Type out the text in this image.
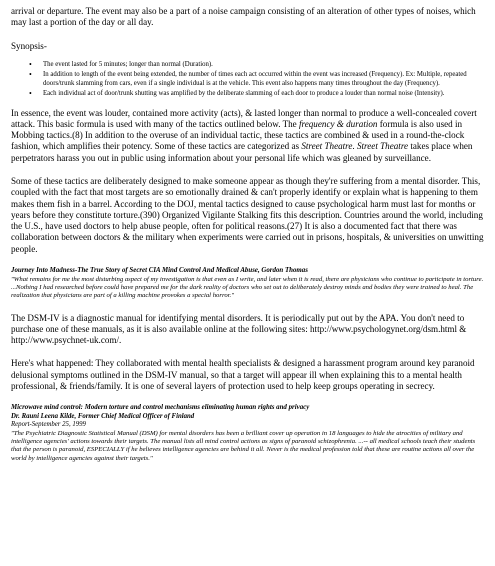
arrival or departure. The event may also be a part of a noise campaign consisting of an alteration of other types of noises, which may last a portion of the day or all day.

Synopsis-

• The event lasted for 5 minutes; longer than normal (Duration).
• In addition to length of the event being extended, the number of times each act occurred within the event was increased (Frequency). Ex: Multiple, repeated doors/trunk slamming from cars, even if a single individual is at the vehicle. This event also happens many times throughout the day (Frequency).
• Each individual act of door/trunk shutting was amplified by the deliberate slamming of each door to produce a louder than normal noise (Intensity).

In essence, the event was louder, contained more activity (acts), & lasted longer than normal to produce a well-concealed covert attack. This basic formula is used with many of the tactics outlined below. The frequency & duration formula is also used in Mobbing tactics.(8) In addition to the overuse of an individual tactic, these tactics are combined & used in a round-the-clock fashion, which amplifies their potency. Some of these tactics are categorized as Street Theatre. Street Theatre takes place when perpetrators harass you out in public using information about your personal life which was gleaned by surveillance.

Some of these tactics are deliberately designed to make someone appear as though they're suffering from a mental disorder. This, coupled with the fact that most targets are so emotionally drained & can't properly identify or explain what is happening to them makes them fish in a barrel. According to the DOJ, mental tactics designed to cause psychological harm must last for months or years before they constitute torture.(390) Organized Vigilante Stalking fits this description. Countries around the world, including the U.S., have used doctors to help abuse people, often for political reasons.(27) It is also a documented fact that there was collaboration between doctors & the military when experiments were carried out in prisons, hospitals, & universities on unwitting people.

Journey Into Madness-The True Story of Secret CIA Mind Control And Medical Abuse, Gordon Thomas

"What remains for me the most disturbing aspect of my investigation is that even as I write, and later when it is read, there are physicians who continue to participate in torture. ...Nothing I had researched before could have prepared me for the dark reality of doctors who set out to deliberately destroy minds and bodies they were trained to heal. The realization that physicians are part of a killing machine provokes a special horror."

The DSM-IV is a diagnostic manual for identifying mental disorders. It is periodically put out by the APA. You don't need to purchase one of these manuals, as it is also available online at the following sites: http://www.psychologynet.org/dsm.html & http://www.psychnet-uk.com/.

Here's what happened: They collaborated with mental health specialists & designed a harassment program around key paranoid delusional symptoms outlined in the DSM-IV manual, so that a target will appear ill when explaining this to a mental health professional, & friends/family. It is one of several layers of protection used to help keep groups operating in secrecy.

Microwave mind control: Modern torture and control mechanisms eliminating human rights and privacy

Dr. Rauni Leena Kilde, Former Chief Medical Officer of Finland

Report-September 25, 1999

"The Psychiatric Diagnostic Statistical Manual (DSM) for mental disorders has been a brilliant cover up operation in 18 languages to hide the atrocities of military and intelligence agencies' actions towards their targets. The manual lists all mind control actions as signs of paranoid schizophrenia. ...-- all medical schools teach their students that the person is paranoid, ESPECIALLY if he believes intelligence agencies are behind it all. Never is the medical profession told that these are routine actions all over the world by intelligence agencies against their targets."
